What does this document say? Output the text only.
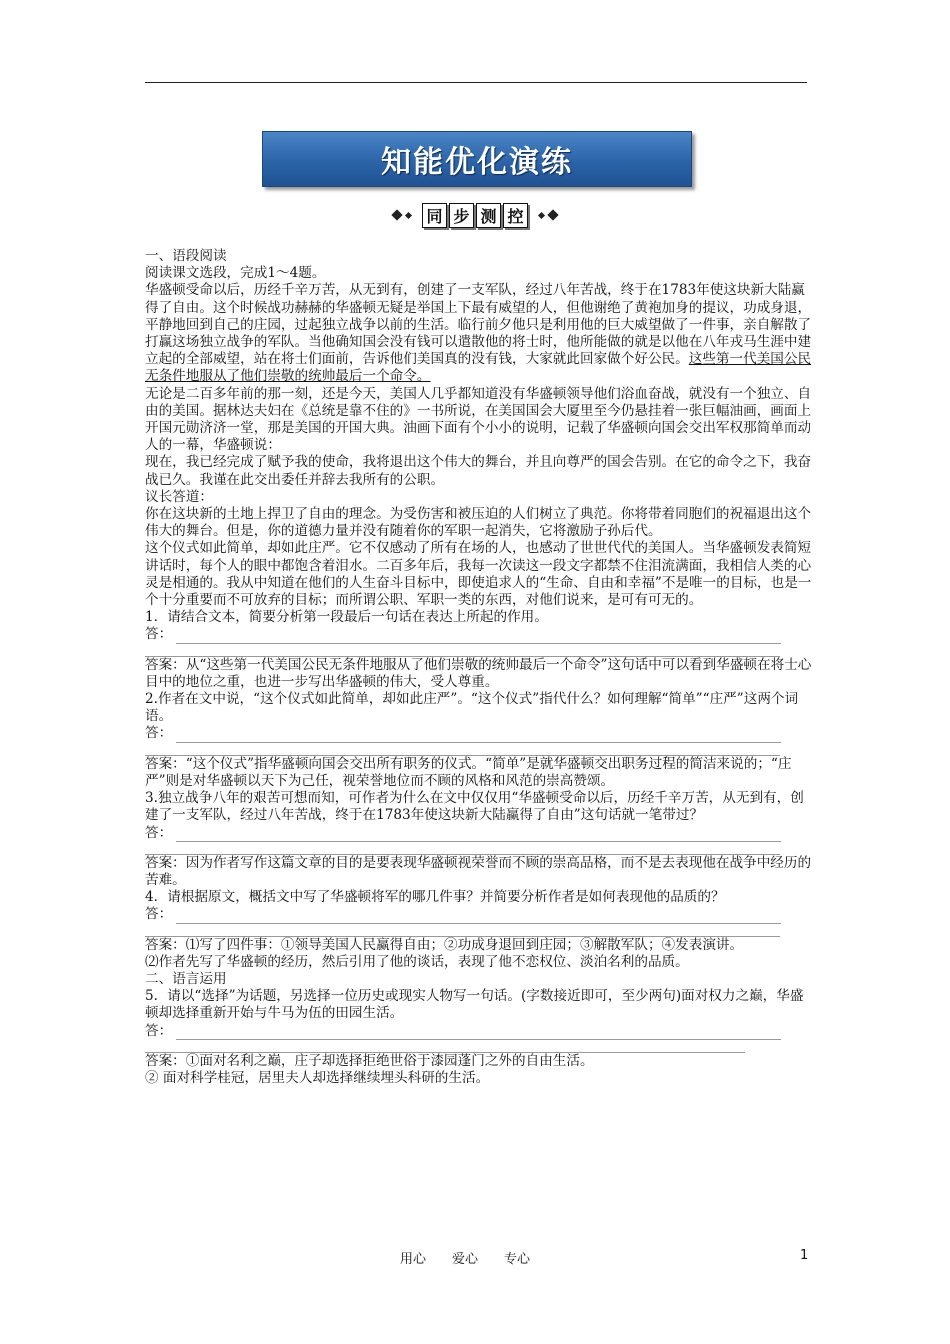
知能优化演练
同 步 测 控

一、语段阅读

阅读课文选段，完成1～4题。

华盛顿受命以后，历经千辛万苦，从无到有，创建了一支军队，经过八年苦战，终于在1783年使这块新大陆赢得了自由。这个时候战功赫赫的华盛顿无疑是举国上下最有威望的人，但他谢绝了黄袍加身的提议，功成身退，平静地回到自己的庄园，过起独立战争以前的生活。临行前夕他只是利用他的巨大威望做了一件事，亲自解散了打赢这场独立战争的军队。当他确知国会没有钱可以遣散他的将士时，他所能做的就是以他在八年戎马生涯中建立起的全部威望，站在将士们面前，告诉他们美国真的没有钱，大家就此回家做个好公民。这些第一代美国公民无条件地服从了他们崇敬的统帅最后一个命令。

无论是二百多年前的那一刻，还是今天，美国人几乎都知道没有华盛顿领导他们浴血奋战，就没有一个独立、自由的美国。据林达夫妇在《总统是靠不住的》一书所说，在美国国会大厦里至今仍悬挂着一张巨幅油画，画面上开国元勋济济一堂，那是美国的开国大典。油画下面有个小小的说明，记载了华盛顿向国会交出军权那简单而动人的一幕，华盛顿说：

现在，我已经完成了赋予我的使命，我将退出这个伟大的舞台，并且向尊严的国会告别。在它的命令之下，我奋战已久。我谨在此交出委任并辞去我所有的公职。

议长答道：

你在这块新的土地上捍卫了自由的理念。为受伤害和被压迫的人们树立了典范。你将带着同胞们的祝福退出这个伟大的舞台。但是，你的道德力量并没有随着你的军职一起消失，它将激励子孙后代。

这个仪式如此简单，却如此庄严。它不仅感动了所有在场的人，也感动了世世代代的美国人。当华盛顿发表简短讲话时，每个人的眼中都饱含着泪水。二百多年后，我每一次读这一段文字都禁不住泪流满面，我相信人类的心灵是相通的。我从中知道在他们的人生奋斗目标中，即使追求人的“生命、自由和幸福”不是唯一的目标，也是一个十分重要而不可放弃的目标；而所谓公职、军职一类的东西，对他们说来，是可有可无的。

1．请结合文本，简要分析第一段最后一句话在表达上所起的作用。

答：

答案：从“这些第一代美国公民无条件地服从了他们崇敬的统帅最后一个命令”这句话中可以看到华盛顿在将士心目中的地位之重，也进一步写出华盛顿的伟大，受人尊重。

2.作者在文中说，“这个仪式如此简单，却如此庄严”。“这个仪式”指代什么？如何理解“简单”“庄严”这两个词语。

答：

答案：“这个仪式”指华盛顿向国会交出所有职务的仪式。“简单”是就华盛顿交出职务过程的简洁来说的；“庄严”则是对华盛顿以天下为己任，视荣誉地位而不顾的风格和风范的崇高赞颂。

3.独立战争八年的艰苦可想而知，可作者为什么在文中仅仅用“华盛顿受命以后，历经千辛万苦，从无到有，创建了一支军队，经过八年苦战，终于在1783年使这块新大陆赢得了自由”这句话就一笔带过？

答：

答案：因为作者写作这篇文章的目的是要表现华盛顿视荣誉而不顾的崇高品格，而不是去表现他在战争中经历的苦难。

4．请根据原文，概括文中写了华盛顿将军的哪几件事？并简要分析作者是如何表现他的品质的？

答：

答案：⑴写了四件事：①领导美国人民赢得自由；②功成身退回到庄园；③解散军队；④发表演讲。

⑵作者先写了华盛顿的经历，然后引用了他的谈话，表现了他不恋权位、淡泊名利的品质。

二、语言运用

5．请以“选择”为话题，另选择一位历史或现实人物写一句话。(字数接近即可，至少两句)面对权力之巅，华盛顿却选择重新开始与牛马为伍的田园生活。

答：

答案：①面对名利之巅，庄子却选择拒绝世俗于漆园蓬门之外的自由生活。

② 面对科学桂冠，居里夫人却选择继续埋头科研的生活。

用心　　爱心　　专心	1
